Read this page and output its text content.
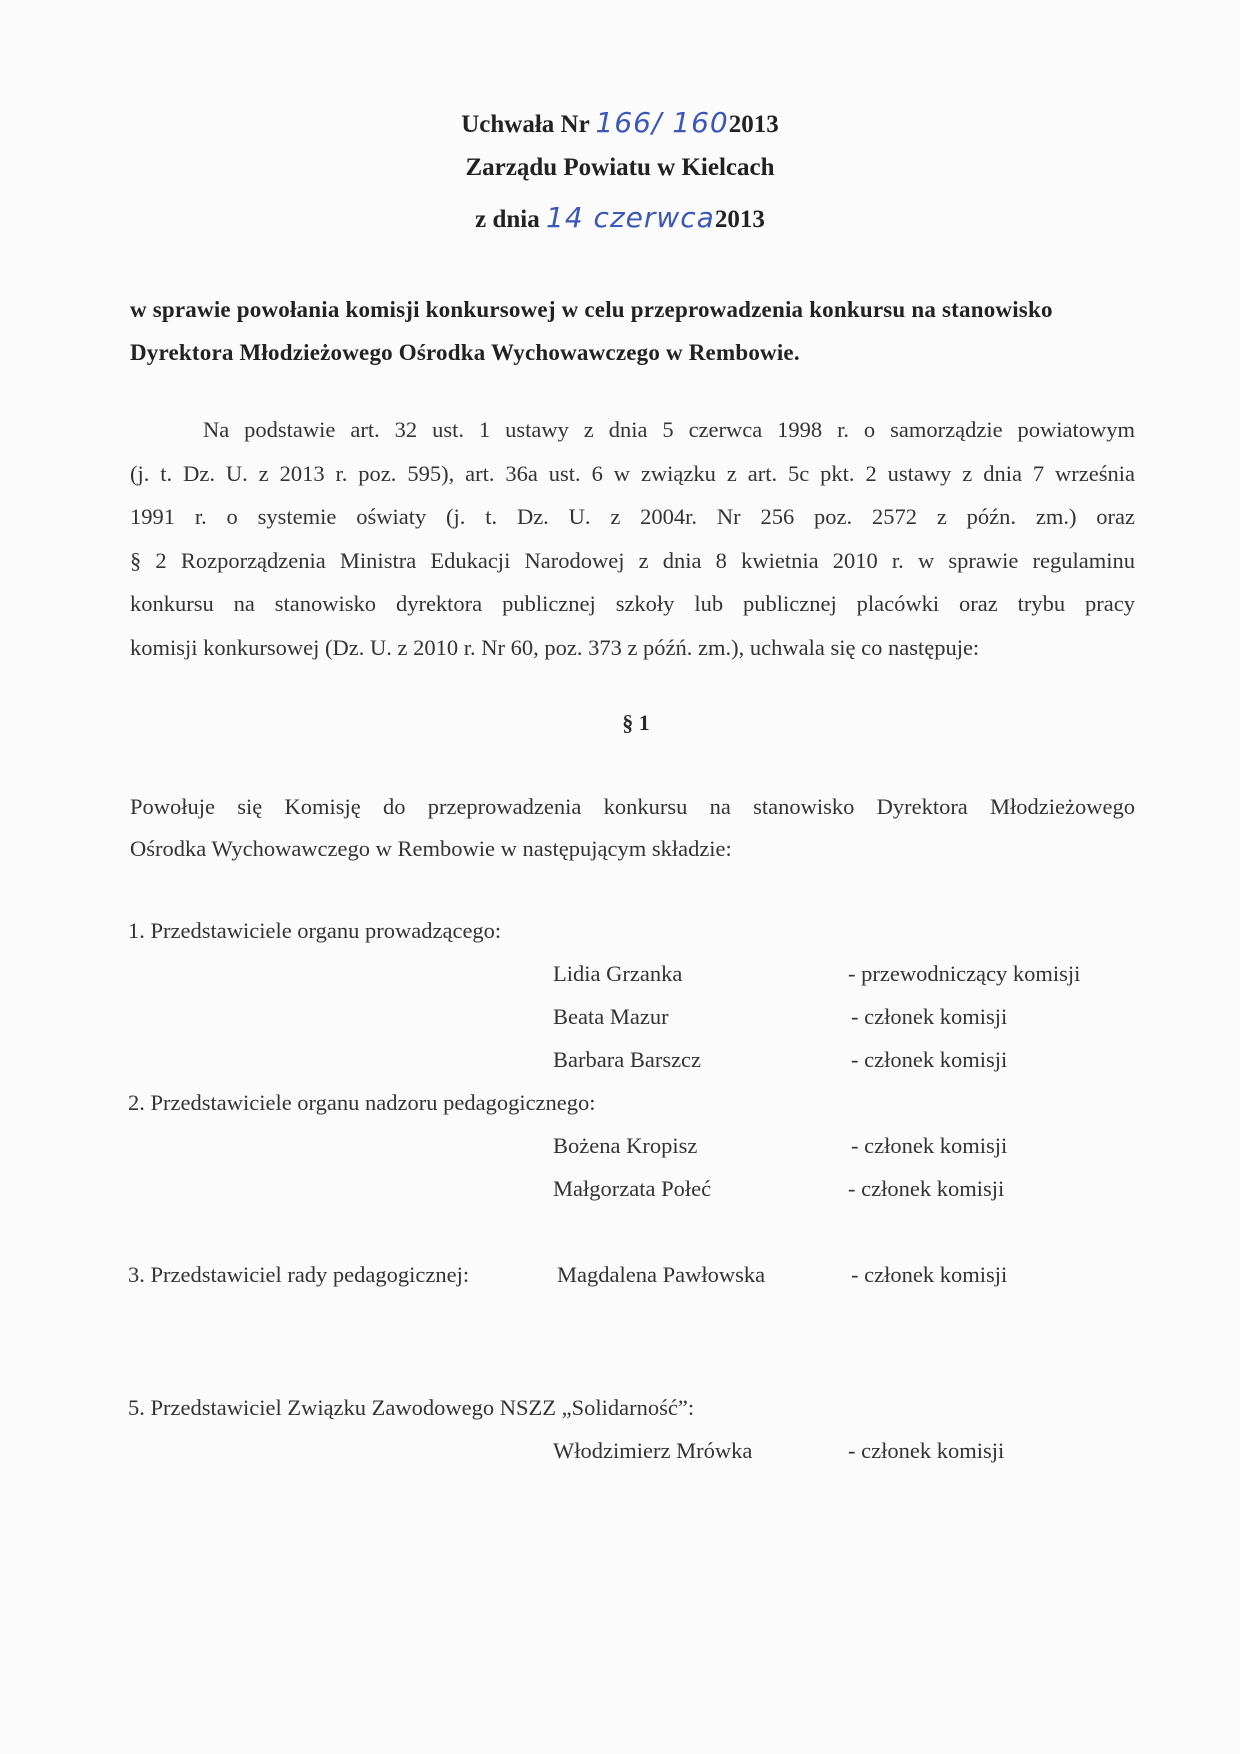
Uchwała Nr 166/ 1602013
Zarządu Powiatu w Kielcach
z dnia 14 czerwca2013
w sprawie powołania komisji konkursowej w celu przeprowadzenia konkursu na stanowisko
Dyrektora Młodzieżowego Ośrodka Wychowawczego w Rembowie.
Na podstawie art. 32 ust. 1 ustawy z dnia 5 czerwca 1998 r. o samorządzie powiatowym
(j. t. Dz. U. z 2013 r. poz. 595), art. 36a ust. 6 w związku z art. 5c pkt. 2 ustawy z dnia 7 września
1991 r. o systemie oświaty (j. t. Dz. U. z 2004r. Nr 256 poz. 2572 z późn. zm.) oraz
§ 2 Rozporządzenia Ministra Edukacji Narodowej z dnia 8 kwietnia 2010 r. w sprawie regulaminu
konkursu na stanowisko dyrektora publicznej szkoły lub publicznej placówki oraz trybu pracy
komisji konkursowej (Dz. U. z 2010 r. Nr 60, poz. 373 z późń. zm.), uchwala się co następuje:
§ 1
Powołuje się Komisję do przeprowadzenia konkursu na stanowisko Dyrektora Młodzieżowego
Ośrodka Wychowawczego w Rembowie w następującym składzie:
1. Przedstawiciele organu prowadzącego:
Lidia Grzanka	- przewodniczący komisji
Beata Mazur	- członek komisji
Barbara Barszcz	- członek komisji
2. Przedstawiciele organu nadzoru pedagogicznego:
Bożena Kropisz	- członek komisji
Małgorzata Połeć	- członek komisji
3. Przedstawiciel rady pedagogicznej:	Magdalena Pawłowska	- członek komisji
5. Przedstawiciel Związku Zawodowego NSZZ „Solidarność”:
Włodzimierz Mrówka	- członek komisji
